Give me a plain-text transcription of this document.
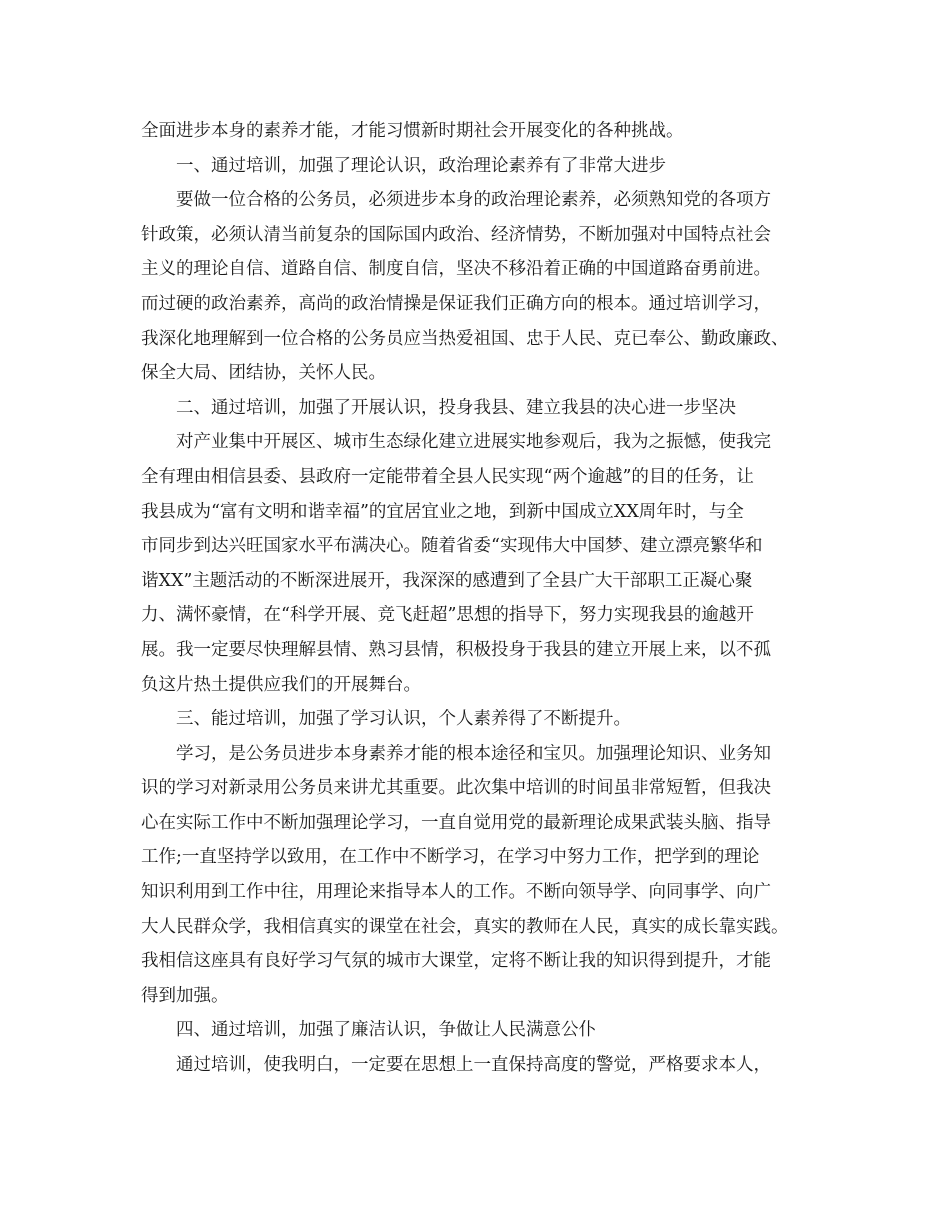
全面进步本身的素养才能，才能习惯新时期社会开展变化的各种挑战。
一、通过培训，加强了理论认识，政治理论素养有了非常大进步
要做一位合格的公务员，必须进步本身的政治理论素养，必须熟知党的各项方
针政策，必须认清当前复杂的国际国内政治、经济情势，不断加强对中国特点社会
主义的理论自信、道路自信、制度自信，坚决不移沿着正确的中国道路奋勇前进。
而过硬的政治素养，高尚的政治情操是保证我们正确方向的根本。通过培训学习，
我深化地理解到一位合格的公务员应当热爱祖国、忠于人民、克已奉公、勤政廉政、
保全大局、团结协，关怀人民。
二、通过培训，加强了开展认识，投身我县、建立我县的决心进一步坚决
对产业集中开展区、城市生态绿化建立进展实地参观后，我为之振憾，使我完
全有理由相信县委、县政府一定能带着全县人民实现“两个逾越”的目的任务，让
我县成为“富有文明和谐幸福”的宜居宜业之地，到新中国成立XX周年时，与全
市同步到达兴旺国家水平布满决心。随着省委“实现伟大中国梦、建立漂亮繁华和
谐XX”主题活动的不断深进展开，我深深的感遭到了全县广大干部职工正凝心聚
力、满怀豪情，在“科学开展、竞飞赶超”思想的指导下，努力实现我县的逾越开
展。我一定要尽快理解县情、熟习县情，积极投身于我县的建立开展上来，以不孤
负这片热土提供应我们的开展舞台。
三、能过培训，加强了学习认识，个人素养得了不断提升。
学习，是公务员进步本身素养才能的根本途径和宝贝。加强理论知识、业务知
识的学习对新录用公务员来讲尤其重要。此次集中培训的时间虽非常短暂，但我决
心在实际工作中不断加强理论学习，一直自觉用党的最新理论成果武装头脑、指导
工作;一直坚持学以致用，在工作中不断学习，在学习中努力工作，把学到的理论
知识利用到工作中往，用理论来指导本人的工作。不断向领导学、向同事学、向广
大人民群众学，我相信真实的课堂在社会，真实的教师在人民，真实的成长靠实践。
我相信这座具有良好学习气氛的城市大课堂，定将不断让我的知识得到提升，才能
得到加强。
四、通过培训，加强了廉洁认识，争做让人民满意公仆
通过培训，使我明白，一定要在思想上一直保持高度的警觉，严格要求本人，
